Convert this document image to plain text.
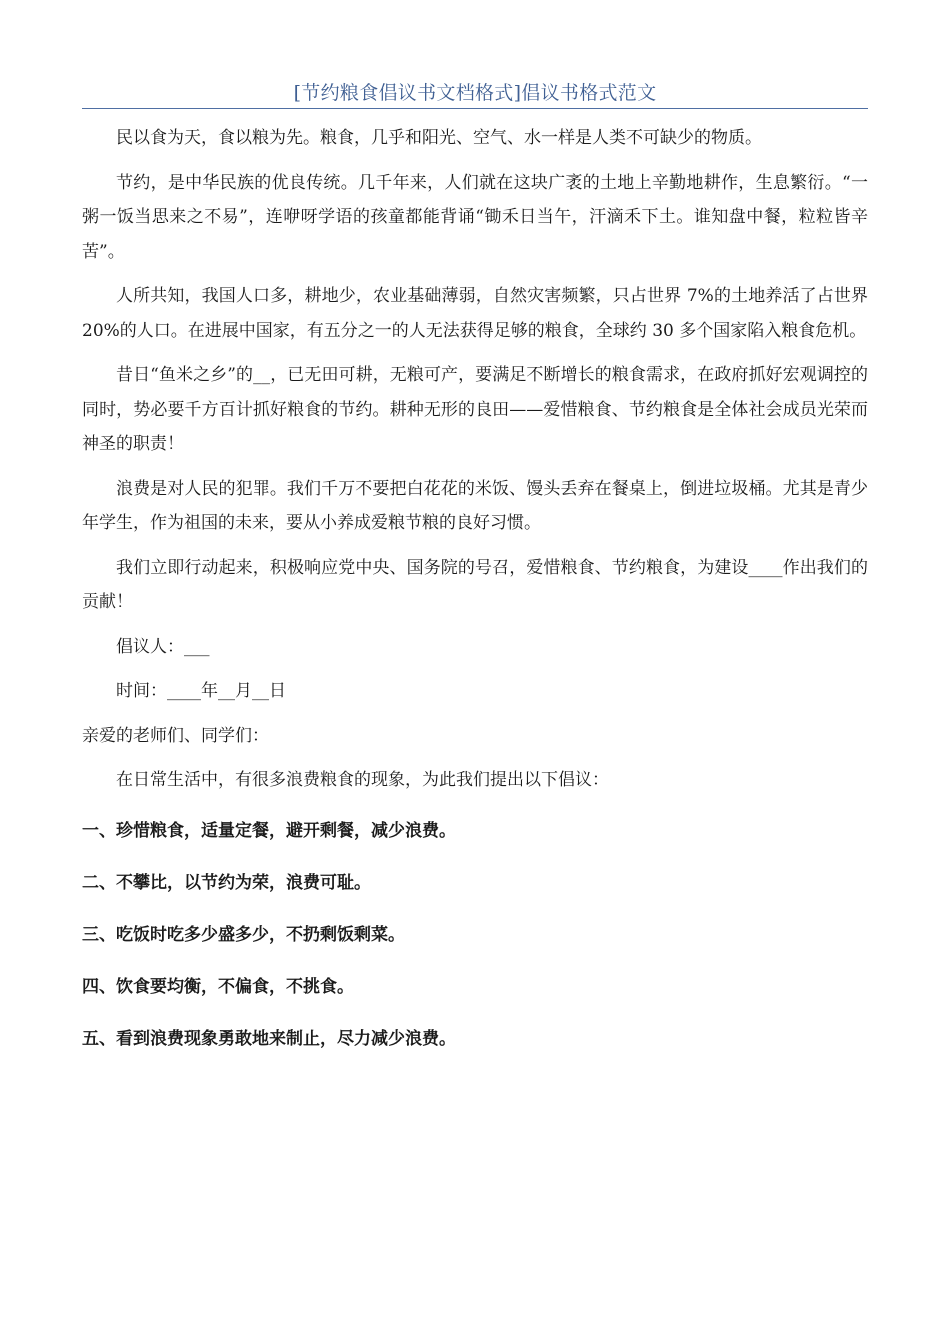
[节约粮食倡议书文档格式]倡议书格式范文

民以食为天，食以粮为先。粮食，几乎和阳光、空气、水一样是人类不可缺少的物质。

节约，是中华民族的优良传统。几千年来，人们就在这块广袤的土地上辛勤地耕作，生息繁衍。“一粥一饭当思来之不易”，连咿呀学语的孩童都能背诵“锄禾日当午，汗滴禾下土。谁知盘中餐，粒粒皆辛苦”。

人所共知，我国人口多，耕地少，农业基础薄弱，自然灾害频繁，只占世界 7%的土地养活了占世界 20%的人口。在进展中国家，有五分之一的人无法获得足够的粮食，全球约 30 多个国家陷入粮食危机。

昔日“鱼米之乡”的__，已无田可耕，无粮可产，要满足不断增长的粮食需求，在政府抓好宏观调控的同时，势必要千方百计抓好粮食的节约。耕种无形的良田——爱惜粮食、节约粮食是全体社会成员光荣而神圣的职责！

浪费是对人民的犯罪。我们千万不要把白花花的米饭、馒头丢弃在餐桌上，倒进垃圾桶。尤其是青少年学生，作为祖国的未来，要从小养成爱粮节粮的良好习惯。

我们立即行动起来，积极响应党中央、国务院的号召，爱惜粮食、节约粮食，为建设____作出我们的贡献！

倡议人：___

时间：____年__月__日

亲爱的老师们、同学们：

在日常生活中，有很多浪费粮食的现象，为此我们提出以下倡议：

一、珍惜粮食，适量定餐，避开剩餐，减少浪费。

二、不攀比，以节约为荣，浪费可耻。

三、吃饭时吃多少盛多少，不扔剩饭剩菜。

四、饮食要均衡，不偏食，不挑食。

五、看到浪费现象勇敢地来制止，尽力减少浪费。
